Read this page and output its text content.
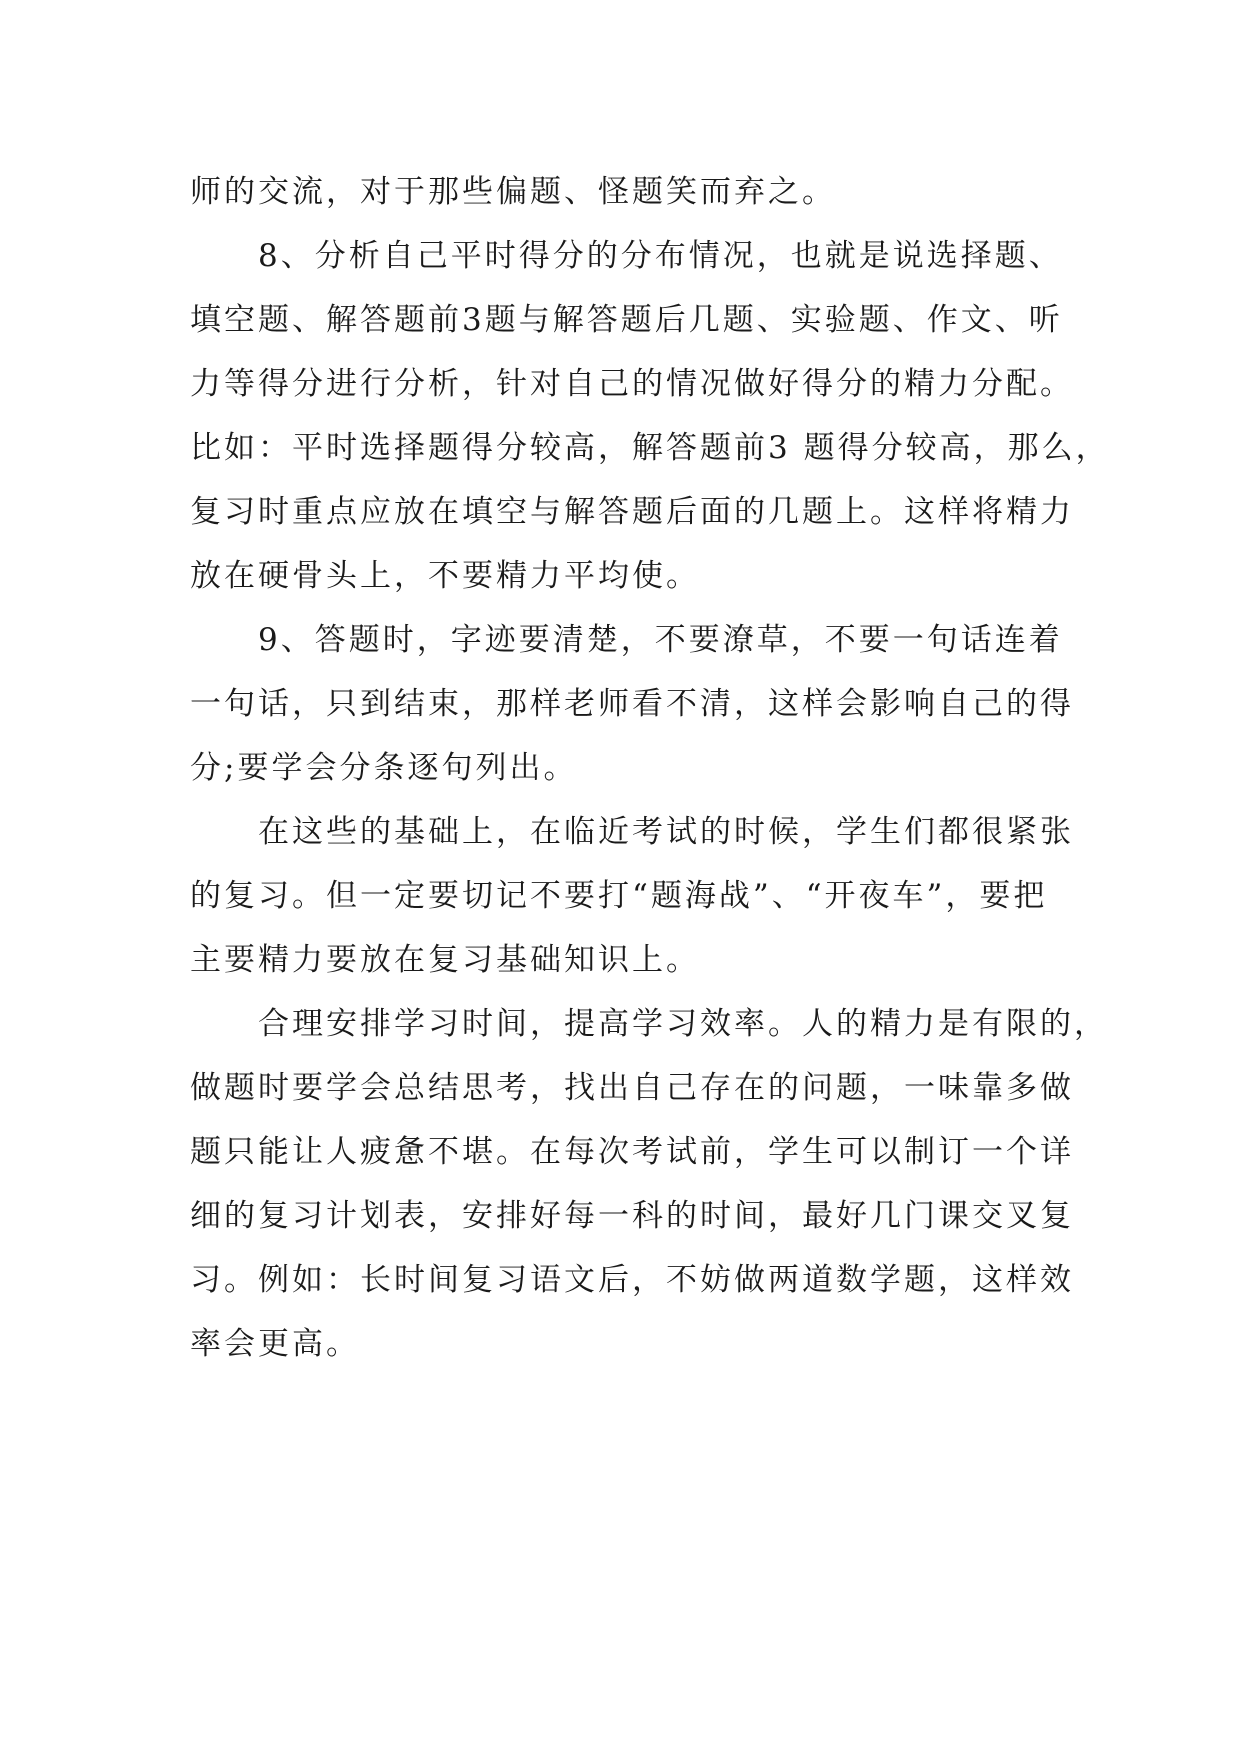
师的交流，对于那些偏题、怪题笑而弃之。

8、分析自己平时得分的分布情况，也就是说选择题、
填空题、解答题前3题与解答题后几题、实验题、作文、听
力等得分进行分析，针对自己的情况做好得分的精力分配。
比如：平时选择题得分较高，解答题前3 题得分较高，那么，
复习时重点应放在填空与解答题后面的几题上。这样将精力
放在硬骨头上，不要精力平均使。

9、答题时，字迹要清楚，不要潦草，不要一句话连着
一句话，只到结束，那样老师看不清，这样会影响自己的得
分;要学会分条逐句列出。

在这些的基础上，在临近考试的时候，学生们都很紧张
的复习。但一定要切记不要打“题海战”、“开夜车”，要把
主要精力要放在复习基础知识上。

合理安排学习时间，提高学习效率。人的精力是有限的，
做题时要学会总结思考，找出自己存在的问题，一味靠多做
题只能让人疲惫不堪。在每次考试前，学生可以制订一个详
细的复习计划表，安排好每一科的时间，最好几门课交叉复
习。例如：长时间复习语文后，不妨做两道数学题，这样效
率会更高。
